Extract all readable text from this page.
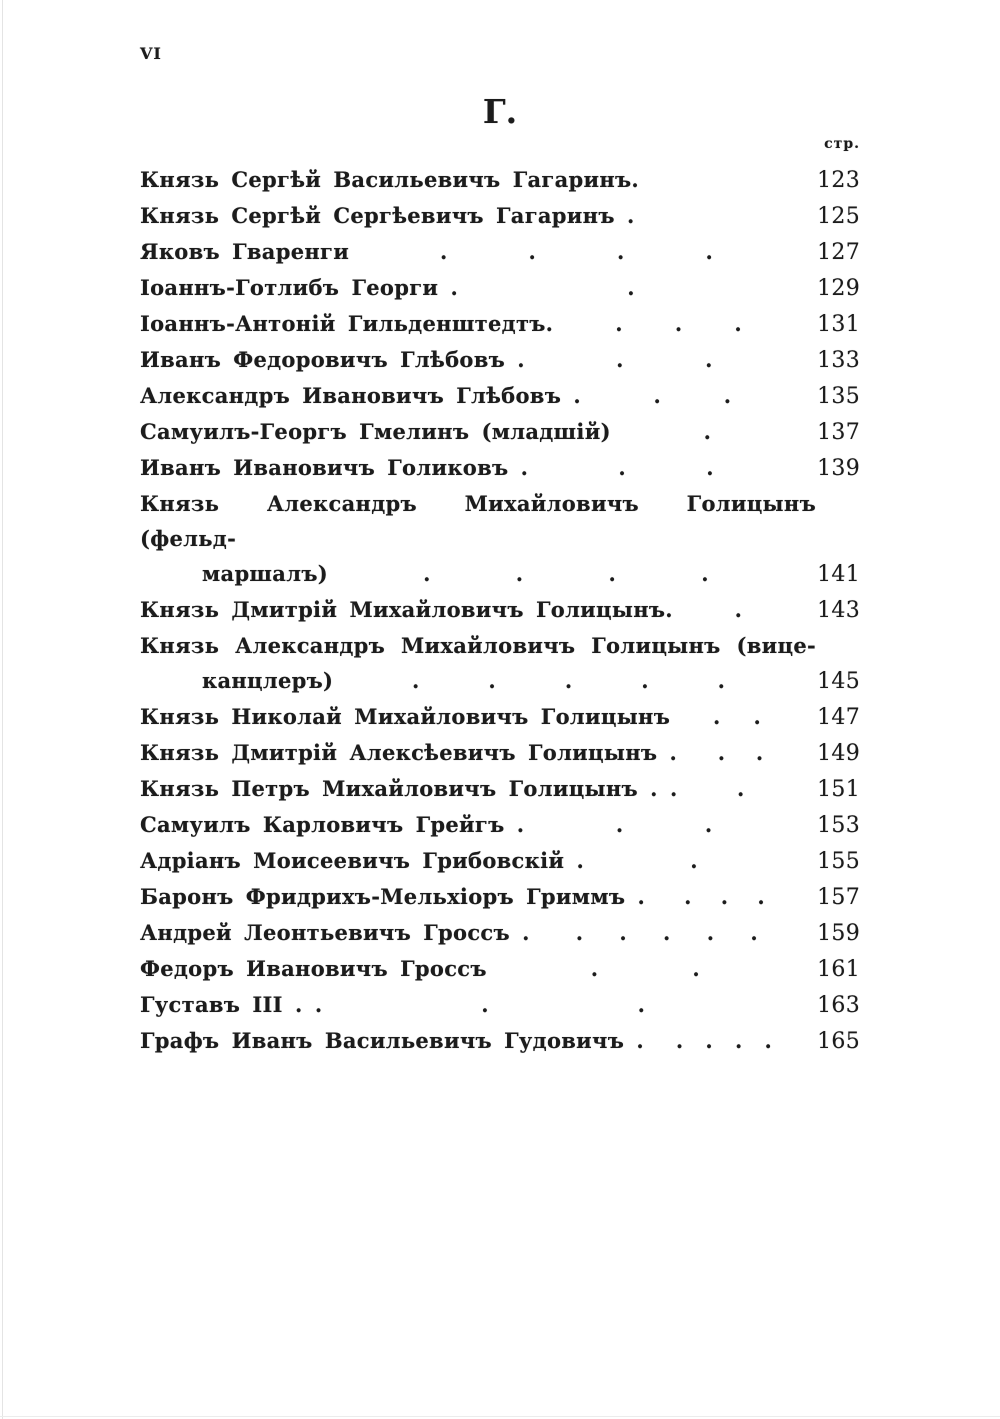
VI
Г.
стр.
Князь Сергѣй Васильевичъ Гагаринъ.	123
Князь Сергѣй Сергѣевичъ Гагаринъ .	125
Яковъ Гваренги	.	.	.	.	127
Іоаннъ-Готлибъ Георги .	.	129
Іоаннъ-Антоній Гильденштедтъ.	. . .	131
Иванъ Федоровичъ Глѣбовъ .	.	.	133
Александръ Ивановичъ Глѣбовъ .	.	.	135
Самуилъ-Георгъ Гмелинъ (младшій)	.	137
Иванъ Ивановичъ Голиковъ .	.	.	139
Князь Александръ Михайловичъ Голицынъ (фельд-
маршалъ)	.	.	.	.	141
Князь Дмитрій Михайловичъ Голицынъ.	.	143
Князь Александръ Михайловичъ Голицынъ (вице-
канцлеръ)	.	.	.	.	.	145
Князь Николай Михайловичъ Голицынъ . .	147
Князь Дмитрій Алексѣевичъ Голицынъ . . .	149
Князь Петръ Михайловичъ Голицынъ . .	.	151
Самуилъ Карловичъ Грейгъ .	.	.	153
Адріанъ Моисеевичъ Грибовскій .	.	155
Баронъ Фридрихъ-Мельхіоръ Гриммъ . . . .	157
Андрей Леонтьевичъ Гроссъ . . . . . .	159
Федоръ Ивановичъ Гроссъ	.	.	161
Густавъ III . .	.	.	163
Графъ Иванъ Васильевичъ Гудовичъ . . . . .	165
